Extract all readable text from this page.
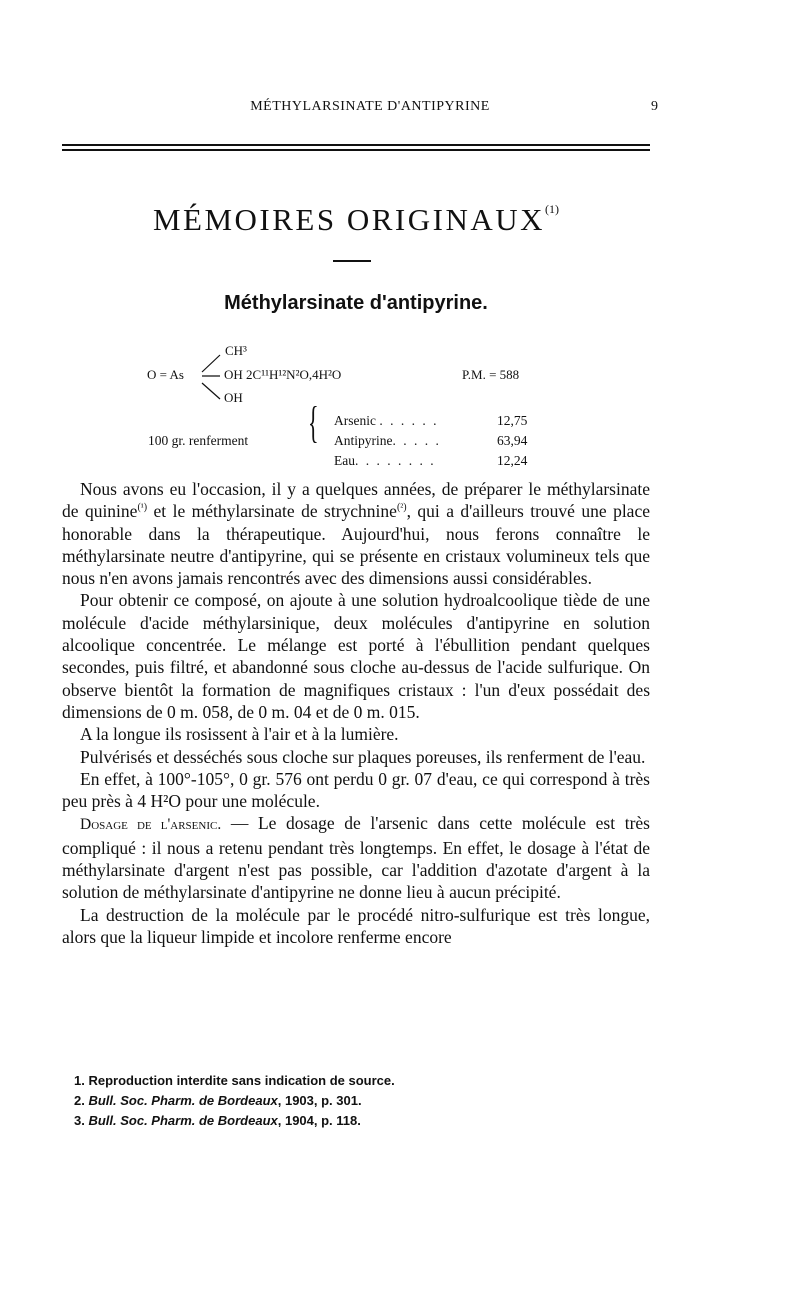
MÉTHYLARSINATE D'ANTIPYRINE	9
MÉMOIRES ORIGINAUX$^{(1)}$
Méthylarsinate d'antipyrine.
CH³
O = As	OH 2C¹¹H¹²N²O,4H²O
OH
P.M. = 588
100 gr. renferment { Arsenic . . . . . .	12,75
Antipyrine. . . . .	63,94
Eau. . . . . . . .	12,24

Nous avons eu l'occasion, il y a quelques années, de préparer le méthylarsinate de quinine$^{(^1)}$ et le méthylarsinate de strychnine$^{(^2)}$, qui a d'ailleurs trouvé une place honorable dans la thérapeutique. Aujourd'hui, nous ferons connaître le méthylarsinate neutre d'antipyrine, qui se présente en cristaux volumineux tels que nous n'en avons jamais rencontrés avec des dimensions aussi considérables.

Pour obtenir ce composé, on ajoute à une solution hydroalcoolique tiède de une molécule d'acide méthylarsinique, deux molécules d'antipyrine en solution alcoolique concentrée. Le mélange est porté à l'ébullition pendant quelques secondes, puis filtré, et abandonné sous cloche au-dessus de l'acide sulfurique. On observe bientôt la formation de magnifiques cristaux : l'un d'eux possédait des dimensions de 0 m. 058, de 0 m. 04 et de 0 m. 015.

A la longue ils rosissent à l'air et à la lumière.

Pulvérisés et desséchés sous cloche sur plaques poreuses, ils renferment de l'eau.

En effet, à 100°-105°, 0 gr. 576 ont perdu 0 gr. 07 d'eau, ce qui correspond à très peu près à 4 H²O pour une molécule.

Dosage de l'arsenic. — Le dosage de l'arsenic dans cette molécule est très compliqué : il nous a retenu pendant très longtemps. En effet, le dosage à l'état de méthylarsinate d'argent n'est pas possible, car l'addition d'azotate d'argent à la solution de méthylarsinate d'antipyrine ne donne lieu à aucun précipité.

La destruction de la molécule par le procédé nitro-sulfurique est très longue, alors que la liqueur limpide et incolore renferme encore

1. Reproduction interdite sans indication de source.
2. Bull. Soc. Pharm. de Bordeaux, 1903, p. 301.
3. Bull. Soc. Pharm. de Bordeaux, 1904, p. 118.
